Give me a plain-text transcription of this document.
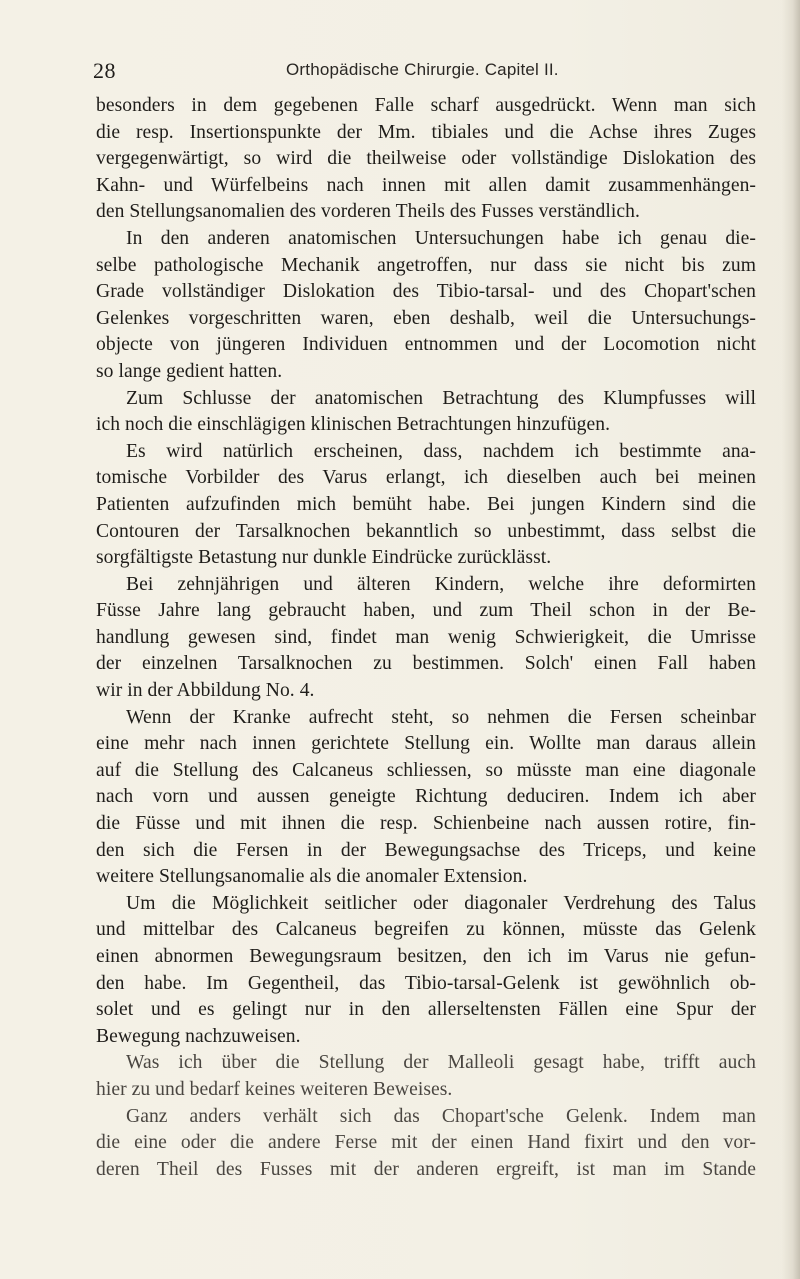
28	Orthopädische Chirurgie. Capitel II.
besonders in dem gegebenen Falle scharf ausgedrückt. Wenn man sich
die resp. Insertionspunkte der Mm. tibiales und die Achse ihres Zuges
vergegenwärtigt, so wird die theilweise oder vollständige Dislokation des
Kahn- und Würfelbeins nach innen mit allen damit zusammenhängen-
den Stellungsanomalien des vorderen Theils des Fusses verständlich.
In den anderen anatomischen Untersuchungen habe ich genau die-
selbe pathologische Mechanik angetroffen, nur dass sie nicht bis zum
Grade vollständiger Dislokation des Tibio-tarsal- und des Chopart'schen
Gelenkes vorgeschritten waren, eben deshalb, weil die Untersuchungs-
objecte von jüngeren Individuen entnommen und der Locomotion nicht
so lange gedient hatten.
Zum Schlusse der anatomischen Betrachtung des Klumpfusses will
ich noch die einschlägigen klinischen Betrachtungen hinzufügen.
Es wird natürlich erscheinen, dass, nachdem ich bestimmte ana-
tomische Vorbilder des Varus erlangt, ich dieselben auch bei meinen
Patienten aufzufinden mich bemüht habe. Bei jungen Kindern sind die
Contouren der Tarsalknochen bekanntlich so unbestimmt, dass selbst die
sorgfältigste Betastung nur dunkle Eindrücke zurücklässt.
Bei zehnjährigen und älteren Kindern, welche ihre deformirten
Füsse Jahre lang gebraucht haben, und zum Theil schon in der Be-
handlung gewesen sind, findet man wenig Schwierigkeit, die Umrisse
der einzelnen Tarsalknochen zu bestimmen. Solch' einen Fall haben
wir in der Abbildung No. 4.
Wenn der Kranke aufrecht steht, so nehmen die Fersen scheinbar
eine mehr nach innen gerichtete Stellung ein. Wollte man daraus allein
auf die Stellung des Calcaneus schliessen, so müsste man eine diagonale
nach vorn und aussen geneigte Richtung deduciren. Indem ich aber
die Füsse und mit ihnen die resp. Schienbeine nach aussen rotire, fin-
den sich die Fersen in der Bewegungsachse des Triceps, und keine
weitere Stellungsanomalie als die anomaler Extension.
Um die Möglichkeit seitlicher oder diagonaler Verdrehung des Talus
und mittelbar des Calcaneus begreifen zu können, müsste das Gelenk
einen abnormen Bewegungsraum besitzen, den ich im Varus nie gefun-
den habe. Im Gegentheil, das Tibio-tarsal-Gelenk ist gewöhnlich ob-
solet und es gelingt nur in den allerseltensten Fällen eine Spur der
Bewegung nachzuweisen.
Was ich über die Stellung der Malleoli gesagt habe, trifft auch
hier zu und bedarf keines weiteren Beweises.
Ganz anders verhält sich das Chopart'sche Gelenk. Indem man
die eine oder die andere Ferse mit der einen Hand fixirt und den vor-
deren Theil des Fusses mit der anderen ergreift, ist man im Stande
